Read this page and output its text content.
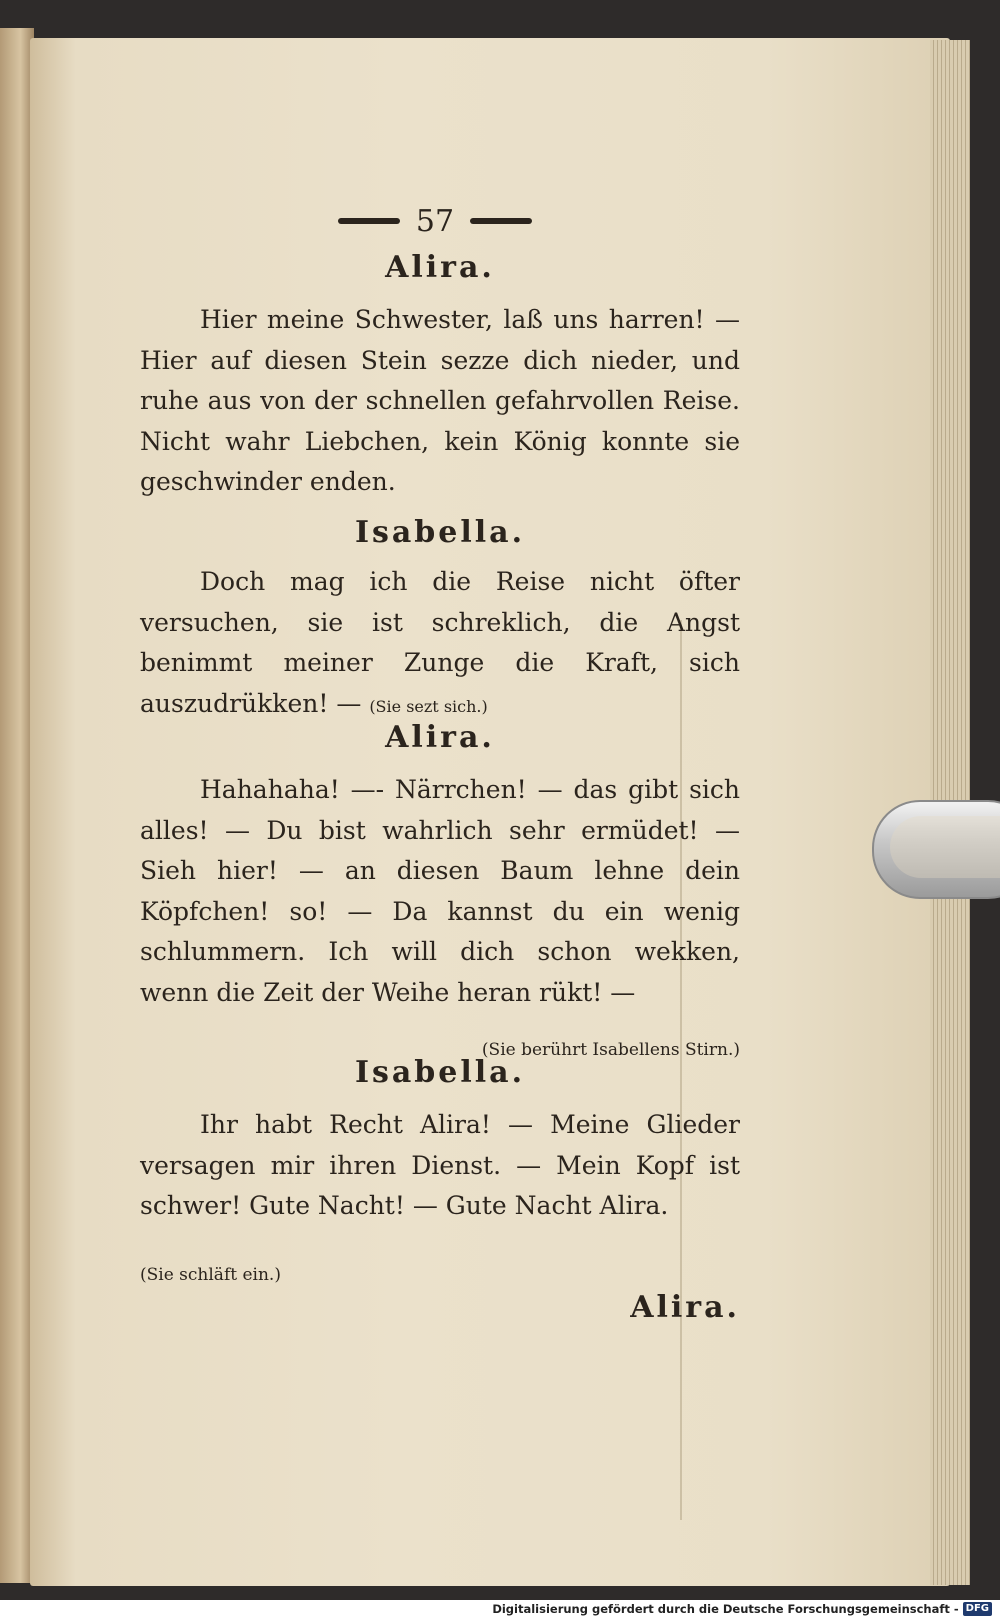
57
Alira.

Hier meine Schwester, laß uns harren! — Hier auf diesen Stein sezze dich nieder, und ruhe aus von der schnellen gefahrvollen Reise. Nicht wahr Liebchen, kein König konnte sie geschwinder enden.

Isabella.

Doch mag ich die Reise nicht öfter versuchen, sie ist schreklich, die Angst benimmt meiner Zunge die Kraft, sich auszudrükken! — (Sie sezt sich.)

Alira.

Hahahaha! —- Närrchen! — das gibt sich alles! — Du bist wahrlich sehr ermüdet! — Sieh hier! — an diesen Baum lehne dein Köpfchen! so! — Da kannst du ein wenig schlummern. Ich will dich schon wekken, wenn die Zeit der Weihe heran rükt! —

(Sie berührt Isabellens Stirn.)
Isabella.

Ihr habt Recht Alira! — Meine Glieder versagen mir ihren Dienst. — Mein Kopf ist schwer! Gute Nacht! — Gute Nacht Alira.

(Sie schläft ein.)
Alira.
Digitalisierung gefördert durch die Deutsche Forschungsgemeinschaft - DFG
